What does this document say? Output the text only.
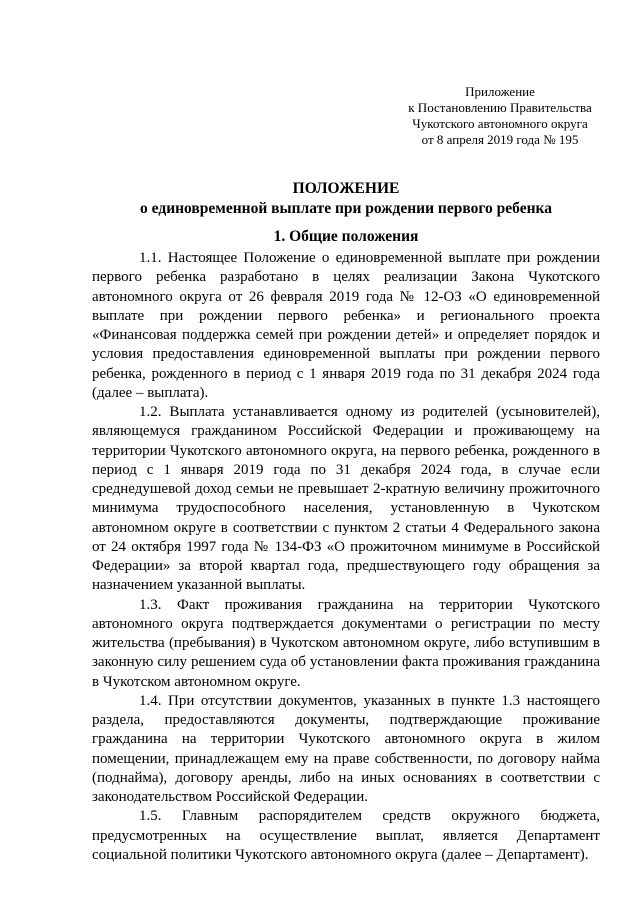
Приложение
к Постановлению Правительства
Чукотского автономного округа
от 8 апреля 2019 года № 195
ПОЛОЖЕНИЕ
о единовременной выплате при рождении первого ребенка
1. Общие положения

1.1. Настоящее Положение о единовременной выплате при рождении первого ребенка разработано в целях реализации Закона Чукотского автономного округа от 26 февраля 2019 года № 12-ОЗ «О единовременной выплате при рождении первого ребенка» и регионального проекта «Финансовая поддержка семей при рождении детей» и определяет порядок и условия предоставления единовременной выплаты при рождении первого ребенка, рожденного в период с 1 января 2019 года по 31 декабря 2024 года (далее – выплата).

1.2. Выплата устанавливается одному из родителей (усыновителей), являющемуся гражданином Российской Федерации и проживающему на территории Чукотского автономного округа, на первого ребенка, рожденного в период с 1 января 2019 года по 31 декабря 2024 года, в случае если среднедушевой доход семьи не превышает 2-кратную величину прожиточного минимума трудоспособного населения, установленную в Чукотском автономном округе в соответствии с пунктом 2 статьи 4 Федерального закона от 24 октября 1997 года № 134-ФЗ «О прожиточном минимуме в Российской Федерации» за второй квартал года, предшествующего году обращения за назначением указанной выплаты.

1.3. Факт проживания гражданина на территории Чукотского автономного округа подтверждается документами о регистрации по месту жительства (пребывания) в Чукотском автономном округе, либо вступившим в законную силу решением суда об установлении факта проживания гражданина в Чукотском автономном округе.

1.4. При отсутствии документов, указанных в пункте 1.3 настоящего раздела, предоставляются документы, подтверждающие проживание гражданина на территории Чукотского автономного округа в жилом помещении, принадлежащем ему на праве собственности, по договору найма (поднайма), договору аренды, либо на иных основаниях в соответствии с законодательством Российской Федерации.

1.5. Главным распорядителем средств окружного бюджета, предусмотренных на осуществление выплат, является Департамент социальной политики Чукотского автономного округа (далее – Департамент).
